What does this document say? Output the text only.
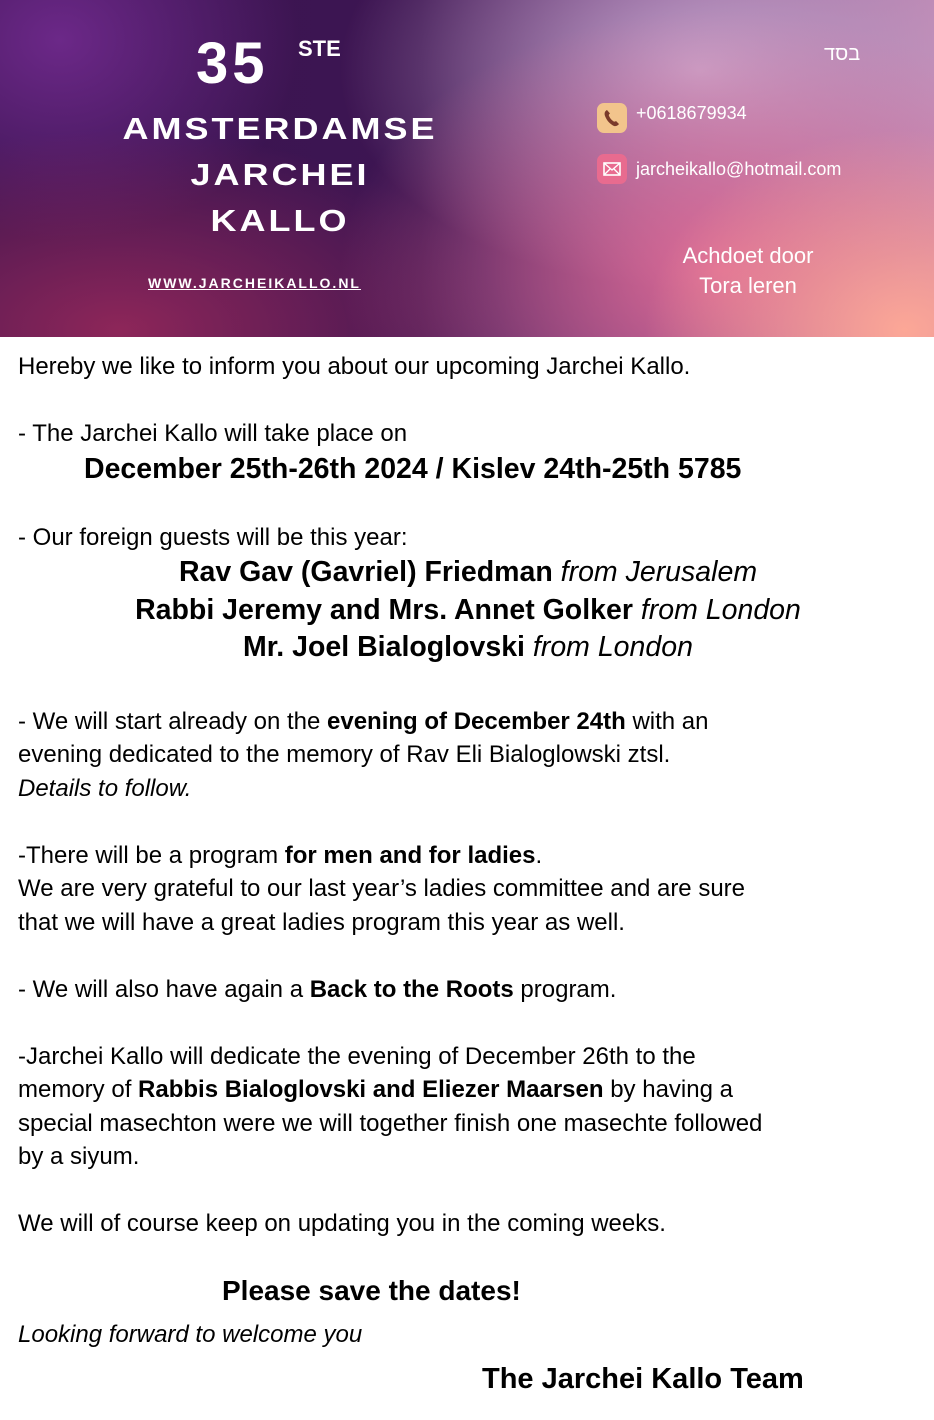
35 STE
AMSTERDAMSE
JARCHEI
KALLO
WWW.JARCHEIKALLO.NL
בסד
+0618679934
jarcheikallo@hotmail.com
Achdoet door
Tora leren

Hereby we like to inform you about our upcoming Jarchei Kallo.

- The Jarchei Kallo will take place on

December 25th-26th 2024 / Kislev 24th-25th 5785

- Our foreign guests will be this year:

Rav Gav (Gavriel) Friedman from Jerusalem

Rabbi Jeremy and Mrs. Annet Golker from London

Mr. Joel Bialoglovski from London

- We will start already on the evening of December 24th with an

evening dedicated to the memory of Rav Eli Bialoglowski ztsl.

Details to follow.

-There will be a program for men and for ladies.

We are very grateful to our last year’s ladies committee and are sure

that we will have a great ladies program this year as well.

- We will also have again a Back to the Roots program.

-Jarchei Kallo will dedicate the evening of December 26th to the

memory of Rabbis Bialoglovski and Eliezer Maarsen by having a

special masechton were we will together finish one masechte followed

by a siyum.

We will of course keep on updating you in the coming weeks.

Please save the dates!

Looking forward to welcome you

The Jarchei Kallo Team
